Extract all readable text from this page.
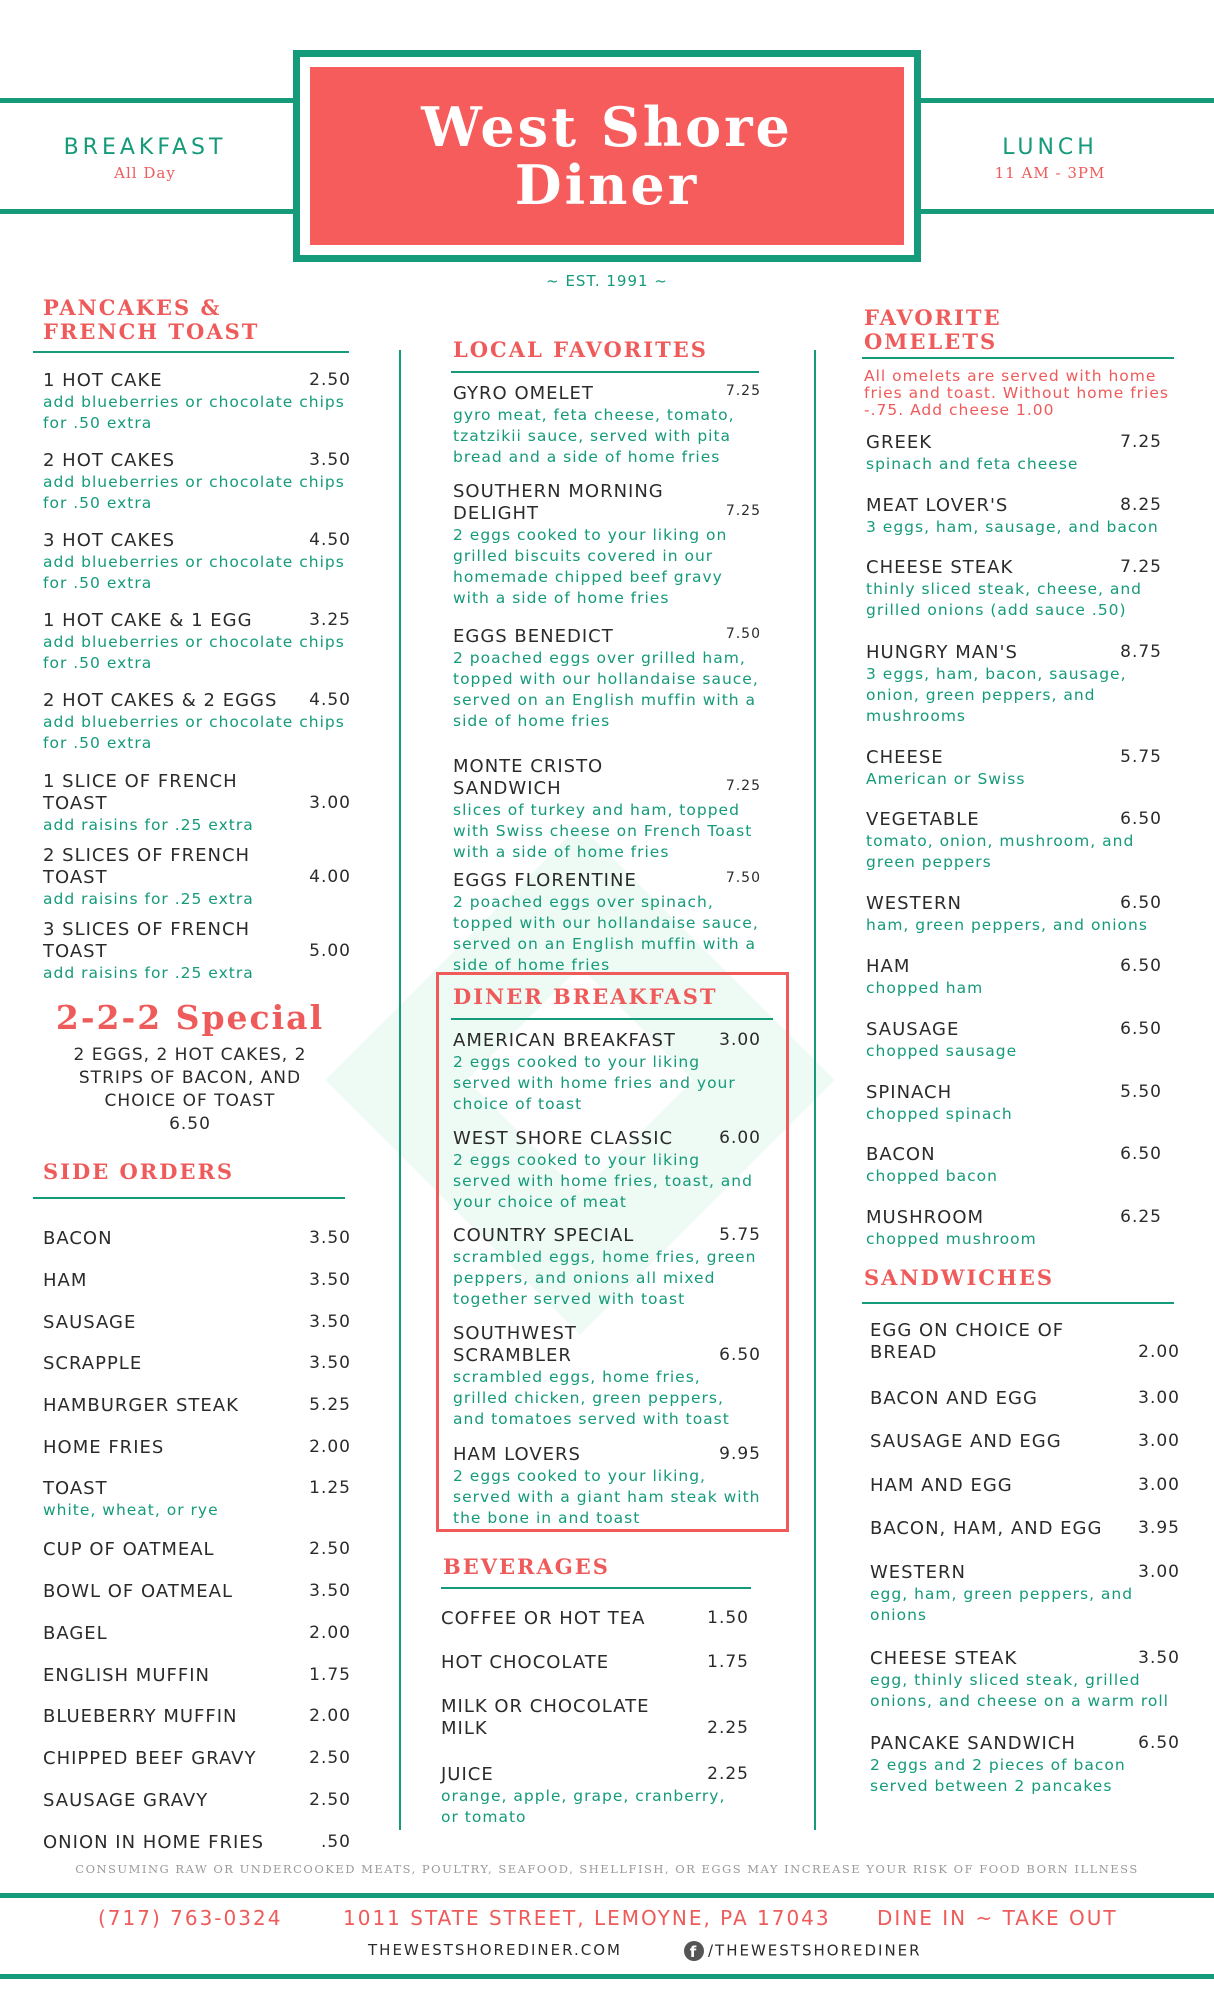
BREAKFAST
All Day
LUNCH
11 AM - 3PM
West Shore
Diner
~ EST. 1991 ~
PANCAKES &
FRENCH TOAST
1 HOT CAKE	2.50
add blueberries or chocolate chips for .50 extra
2 HOT CAKES	3.50
add blueberries or chocolate chips for .50 extra
3 HOT CAKES	4.50
add blueberries or chocolate chips for .50 extra
1 HOT CAKE & 1 EGG	3.25
add blueberries or chocolate chips for .50 extra
2 HOT CAKES & 2 EGGS	4.50
add blueberries or chocolate chips for .50 extra
1 SLICE OF FRENCH TOAST	3.00
add raisins for .25 extra
2 SLICES OF FRENCH TOAST	4.00
add raisins for .25 extra
3 SLICES OF FRENCH TOAST	5.00
add raisins for .25 extra
2-2-2 Special
2 EGGS, 2 HOT CAKES, 2 STRIPS OF BACON, AND CHOICE OF TOAST
6.50
SIDE ORDERS
BACON	3.50
HAM	3.50
SAUSAGE	3.50
SCRAPPLE	3.50
HAMBURGER STEAK	5.25
HOME FRIES	2.00
TOAST	1.25
white, wheat, or rye
CUP OF OATMEAL	2.50
BOWL OF OATMEAL	3.50
BAGEL	2.00
ENGLISH MUFFIN	1.75
BLUEBERRY MUFFIN	2.00
CHIPPED BEEF GRAVY	2.50
SAUSAGE GRAVY	2.50
ONION IN HOME FRIES	.50
LOCAL FAVORITES
GYRO OMELET	7.25
gyro meat, feta cheese, tomato, tzatzikii sauce, served with pita bread and a side of home fries
SOUTHERN MORNING DELIGHT	7.25
2 eggs cooked to your liking on grilled biscuits covered in our homemade chipped beef gravy with a side of home fries
EGGS BENEDICT	7.50
2 poached eggs over grilled ham, topped with our hollandaise sauce, served on an English muffin with a side of home fries
MONTE CRISTO SANDWICH	7.25
slices of turkey and ham, topped with Swiss cheese on French Toast with a side of home fries
EGGS FLORENTINE	7.50
2 poached eggs over spinach, topped with our hollandaise sauce, served on an English muffin with a side of home fries
DINER BREAKFAST
AMERICAN BREAKFAST	3.00
2 eggs cooked to your liking served with home fries and your choice of toast
WEST SHORE CLASSIC	6.00
2 eggs cooked to your liking served with home fries, toast, and your choice of meat
COUNTRY SPECIAL	5.75
scrambled eggs, home fries, green peppers, and onions all mixed together served with toast
SOUTHWEST SCRAMBLER	6.50
scrambled eggs, home fries, grilled chicken, green peppers, and tomatoes served with toast
HAM LOVERS	9.95
2 eggs cooked to your liking, served with a giant ham steak with the bone in and toast
BEVERAGES
COFFEE OR HOT TEA	1.50
HOT CHOCOLATE	1.75
MILK OR CHOCOLATE MILK	2.25
JUICE	2.25
orange, apple, grape, cranberry, or tomato
FAVORITE
OMELETS
All omelets are served with home fries and toast. Without home fries -.75. Add cheese 1.00
GREEK	7.25
spinach and feta cheese
MEAT LOVER'S	8.25
3 eggs, ham, sausage, and bacon
CHEESE STEAK	7.25
thinly sliced steak, cheese, and grilled onions (add sauce .50)
HUNGRY MAN'S	8.75
3 eggs, ham, bacon, sausage, onion, green peppers, and mushrooms
CHEESE	5.75
American or Swiss
VEGETABLE	6.50
tomato, onion, mushroom, and green peppers
WESTERN	6.50
ham, green peppers, and onions
HAM	6.50
chopped ham
SAUSAGE	6.50
chopped sausage
SPINACH	5.50
chopped spinach
BACON	6.50
chopped bacon
MUSHROOM	6.25
chopped mushroom
SANDWICHES
EGG ON CHOICE OF BREAD	2.00
BACON AND EGG	3.00
SAUSAGE AND EGG	3.00
HAM AND EGG	3.00
BACON, HAM, AND EGG	3.95
WESTERN	3.00
egg, ham, green peppers, and onions
CHEESE STEAK	3.50
egg, thinly sliced steak, grilled onions, and cheese on a warm roll
PANCAKE SANDWICH	6.50
2 eggs and 2 pieces of bacon served between 2 pancakes
CONSUMING RAW OR UNDERCOOKED MEATS, POULTRY, SEAFOOD, SHELLFISH, OR EGGS MAY INCREASE YOUR RISK OF FOOD BORN ILLNESS
(717) 763-0324	1011 STATE STREET, LEMOYNE, PA 17043 DINE IN ~ TAKE OUT
THEWESTSHOREDINER.COM	f /THEWESTSHOREDINER
